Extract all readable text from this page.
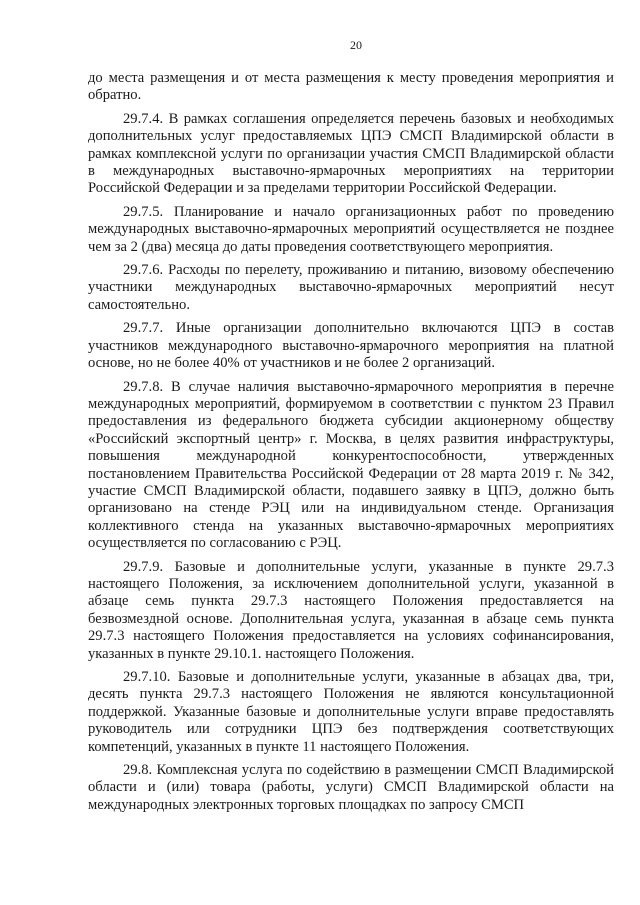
20

до места размещения и от места размещения к месту проведения мероприятия и обратно.

29.7.4. В рамках соглашения определяется перечень базовых и необходимых дополнительных услуг предоставляемых ЦПЭ СМСП Владимирской области в рамках комплексной услуги по организации участия СМСП Владимирской области в международных выставочно-ярмарочных мероприятиях на территории Российской Федерации и за пределами территории Российской Федерации.

29.7.5. Планирование и начало организационных работ по проведению международных выставочно-ярмарочных мероприятий осуществляется не позднее чем за 2 (два) месяца до даты проведения соответствующего мероприятия.

29.7.6. Расходы по перелету, проживанию и питанию, визовому обеспечению участники международных выставочно-ярмарочных мероприятий несут самостоятельно.

29.7.7. Иные организации дополнительно включаются ЦПЭ в состав участников международного выставочно-ярмарочного мероприятия на платной основе, но не более 40% от участников и не более 2 организаций.

29.7.8. В случае наличия выставочно-ярмарочного мероприятия в перечне международных мероприятий, формируемом в соответствии с пунктом 23 Правил предоставления из федерального бюджета субсидии акционерному обществу «Российский экспортный центр» г. Москва, в целях развития инфраструктуры, повышения международной конкурентоспособности, утвержденных постановлением Правительства Российской Федерации от 28 марта 2019 г. № 342, участие СМСП Владимирской области, подавшего заявку в ЦПЭ, должно быть организовано на стенде РЭЦ или на индивидуальном стенде. Организация коллективного стенда на указанных выставочно-ярмарочных мероприятиях осуществляется по согласованию с РЭЦ.

29.7.9. Базовые и дополнительные услуги, указанные в пункте 29.7.3 настоящего Положения, за исключением дополнительной услуги, указанной в абзаце семь пункта 29.7.3 настоящего Положения предоставляется на безвозмездной основе. Дополнительная услуга, указанная в абзаце семь пункта 29.7.3 настоящего Положения предоставляется на условиях софинансирования, указанных в пункте 29.10.1. настоящего Положения.

29.7.10. Базовые и дополнительные услуги, указанные в абзацах два, три, десять пункта 29.7.3 настоящего Положения не являются консультационной поддержкой. Указанные базовые и дополнительные услуги вправе предоставлять руководитель или сотрудники ЦПЭ без подтверждения соответствующих компетенций, указанных в пункте 11 настоящего Положения.

29.8. Комплексная услуга по содействию в размещении СМСП Владимирской области и (или) товара (работы, услуги) СМСП Владимирской области на международных электронных торговых площадках по запросу СМСП
